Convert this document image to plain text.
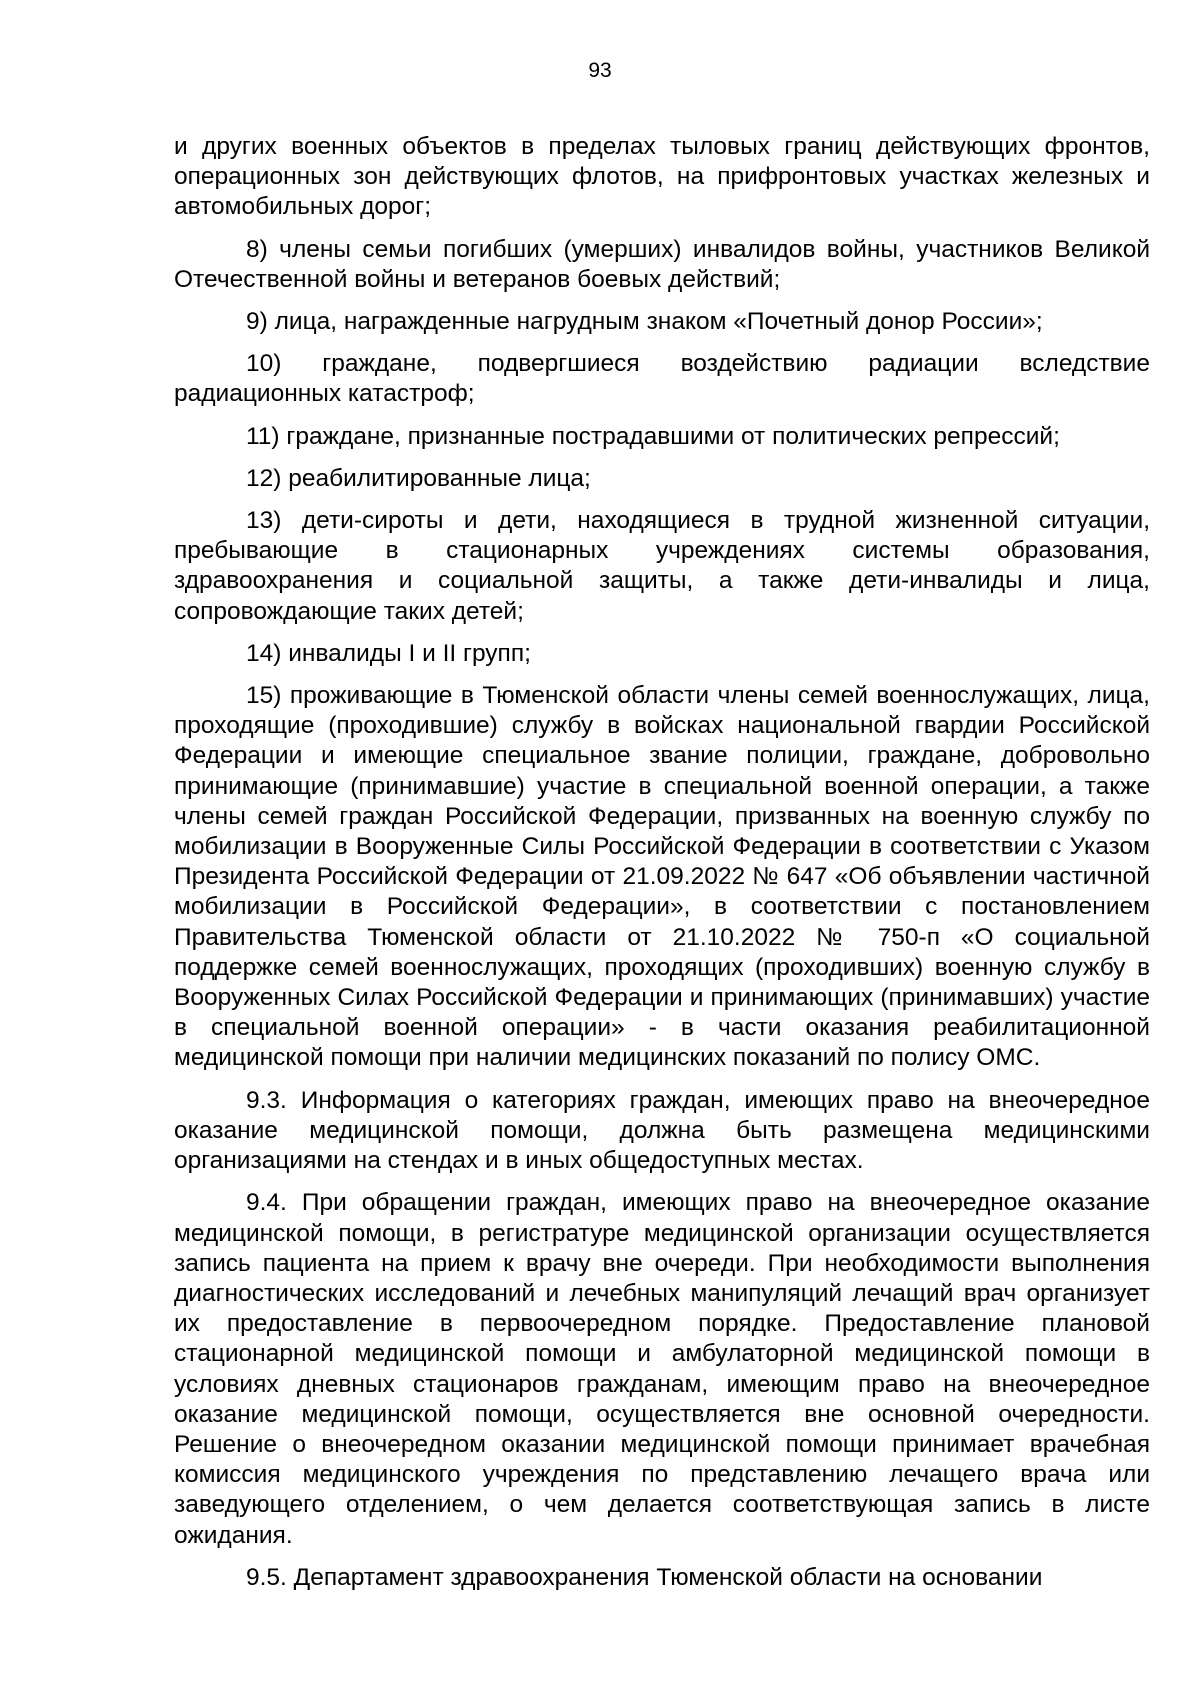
93

и других военных объектов в пределах тыловых границ действующих фронтов, операционных зон действующих флотов, на прифронтовых участках железных и автомобильных дорог;

8) члены семьи погибших (умерших) инвалидов войны, участников Великой Отечественной войны и ветеранов боевых действий;

9) лица, награжденные нагрудным знаком «Почетный донор России»;

10) граждане, подвергшиеся воздействию радиации вследствие радиационных катастроф;

11) граждане, признанные пострадавшими от политических репрессий;

12) реабилитированные лица;

13) дети-сироты и дети, находящиеся в трудной жизненной ситуации, пребывающие в стационарных учреждениях системы образования, здравоохранения и социальной защиты, а также дети-инвалиды и лица, сопровождающие таких детей;

14) инвалиды I и II групп;

15) проживающие в Тюменской области члены семей военнослужащих, лица, проходящие (проходившие) службу в войсках национальной гвардии Российской Федерации и имеющие специальное звание полиции, граждане, добровольно принимающие (принимавшие) участие в специальной военной операции, а также члены семей граждан Российской Федерации, призванных на военную службу по мобилизации в Вооруженные Силы Российской Федерации в соответствии с Указом Президента Российской Федерации от 21.09.2022 № 647 «Об объявлении частичной мобилизации в Российской Федерации», в соответствии с постановлением Правительства Тюменской области от 21.10.2022 № 750-п «О социальной поддержке семей военнослужащих, проходящих (проходивших) военную службу в Вооруженных Силах Российской Федерации и принимающих (принимавших) участие в специальной военной операции» - в части оказания реабилитационной медицинской помощи при наличии медицинских показаний по полису ОМС.

9.3. Информация о категориях граждан, имеющих право на внеочередное оказание медицинской помощи, должна быть размещена медицинскими организациями на стендах и в иных общедоступных местах.

9.4. При обращении граждан, имеющих право на внеочередное оказание медицинской помощи, в регистратуре медицинской организации осуществляется запись пациента на прием к врачу вне очереди. При необходимости выполнения диагностических исследований и лечебных манипуляций лечащий врач организует их предоставление в первоочередном порядке. Предоставление плановой стационарной медицинской помощи и амбулаторной медицинской помощи в условиях дневных стационаров гражданам, имеющим право на внеочередное оказание медицинской помощи, осуществляется вне основной очередности. Решение о внеочередном оказании медицинской помощи принимает врачебная комиссия медицинского учреждения по представлению лечащего врача или заведующего отделением, о чем делается соответствующая запись в листе ожидания.

9.5. Департамент здравоохранения Тюменской области на основании
